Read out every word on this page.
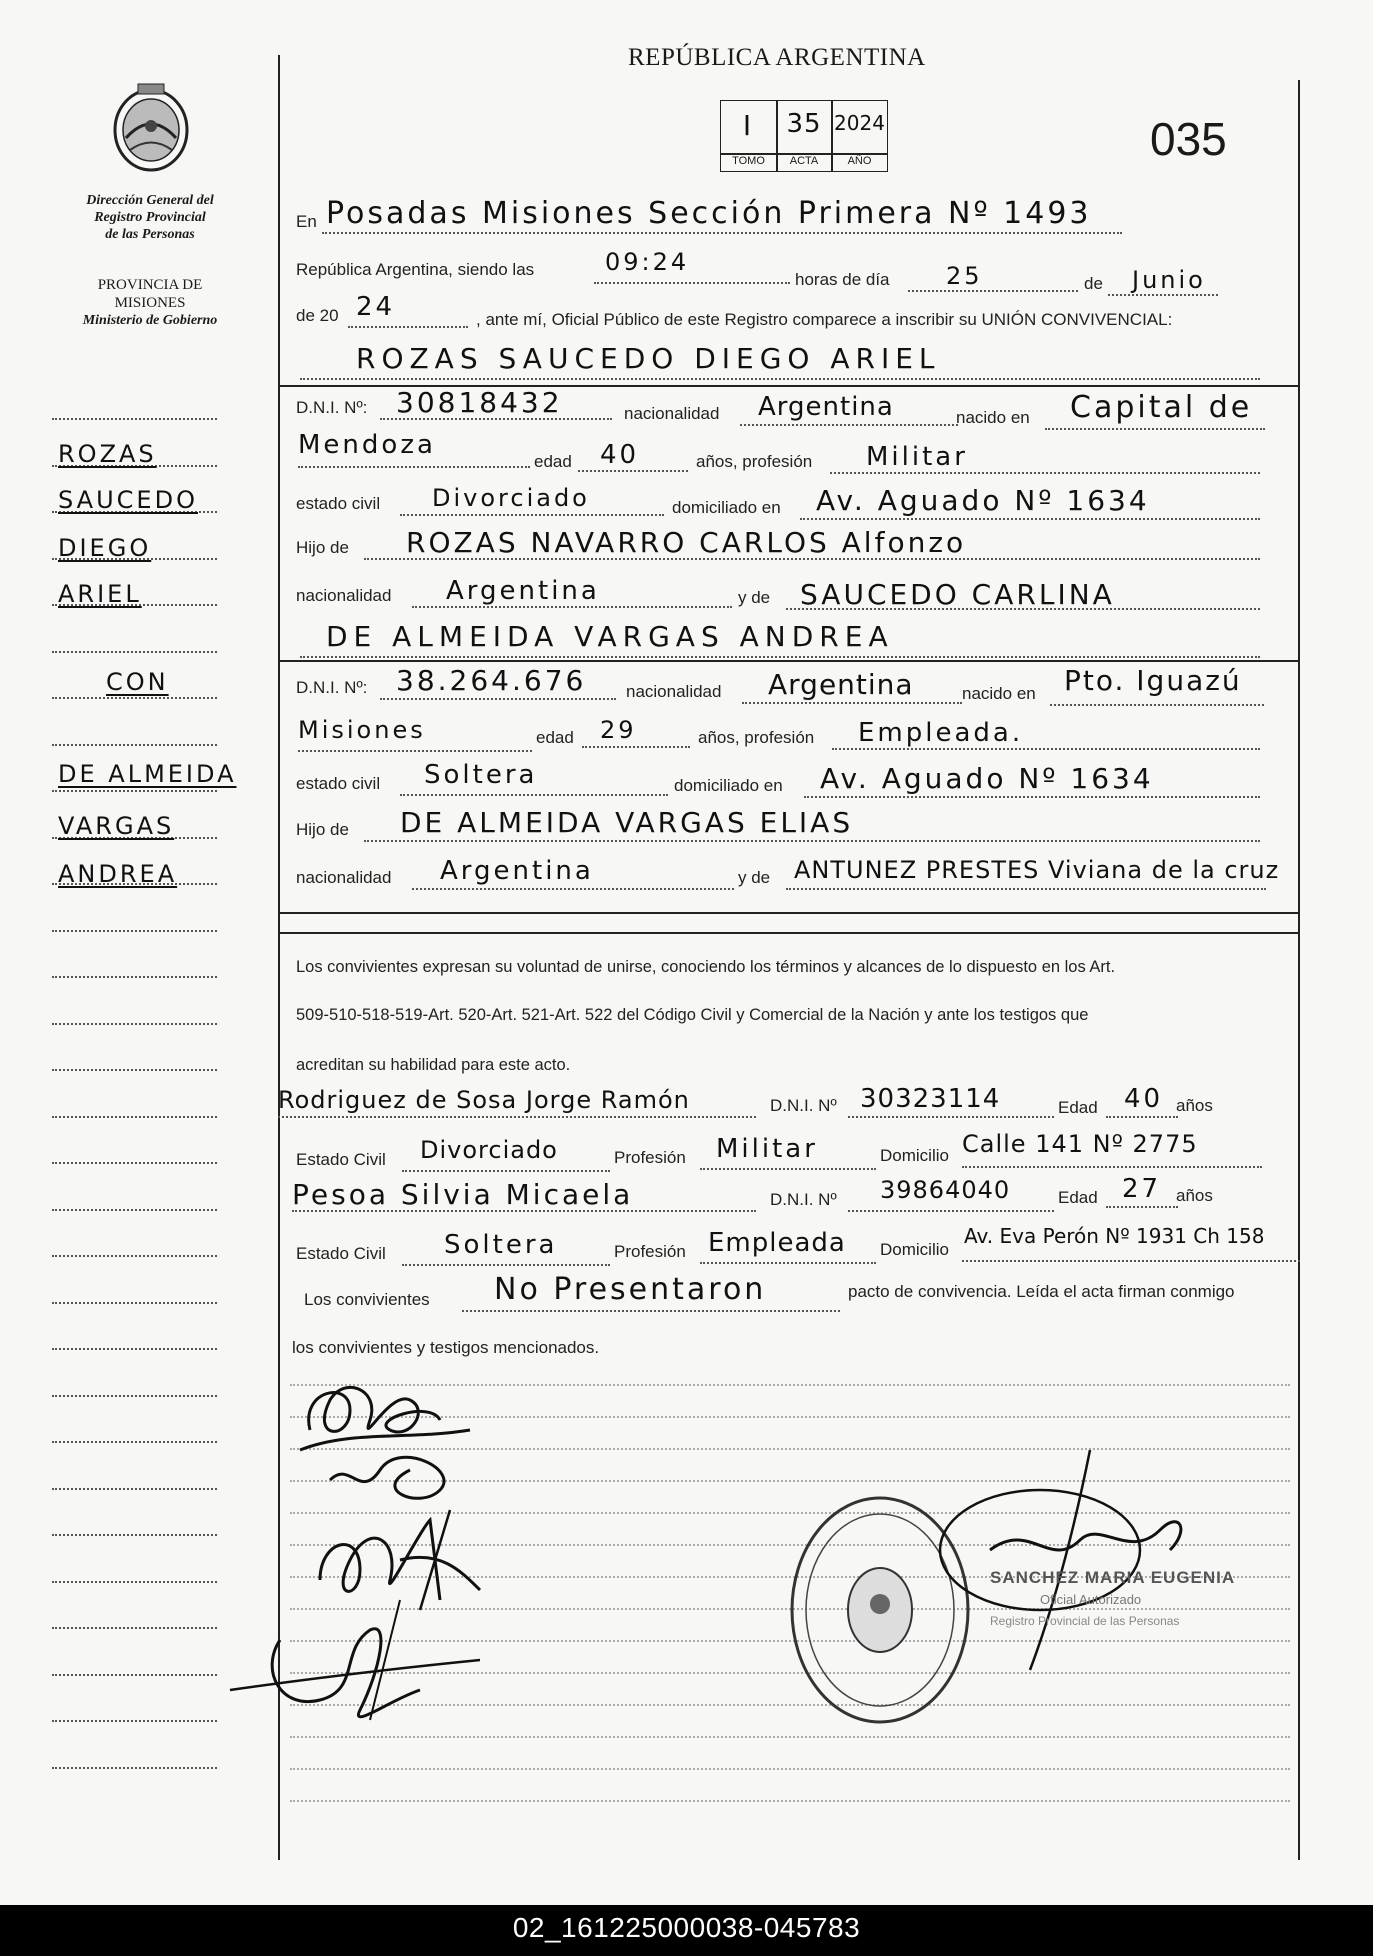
Dirección General del
Registro Provincial
de las Personas
PROVINCIA DE
MISIONES
Ministerio de Gobierno
ROZAS
SAUCEDO
DIEGO
ARIEL
CON
DE ALMEIDA
VARGAS
ANDREA
REPÚBLICA ARGENTINA
I	35 2024
TOMO	ACTA	AÑO	035
En Posadas Misiones Sección Primera Nº 1493
República Argentina, siendo las	09:24
horas de día 25	de Junio
de 20 24	, ante mí, Oficial Público de este Registro comparece a inscribir su UNIÓN CONVIVENCIAL:
ROZAS SAUCEDO DIEGO ARIEL
D.N.I. Nº: 30818432	nacionalidad Argentina	nacido en Capital de
Mendoza
edad 40	años, profesión Militar
estado civil Divorciado	domiciliado en Av. Aguado Nº 1634
Hijo de ROZAS NAVARRO CARLOS Alfonzo
nacionalidad Argentina	y de SAUCEDO CARLINA
DE ALMEIDA VARGAS ANDREA
D.N.I. Nº: 38.264.676 nacionalidad Argentina	nacido en Pto. Iguazú
Misiones	edad 29	años, profesión Empleada.
estado civil Soltera	domiciliado en Av. Aguado Nº 1634
Hijo de DE ALMEIDA VARGAS ELIAS
nacionalidad Argentina	y de ANTUNEZ PRESTES Viviana de la cruz
Los convivientes expresan su voluntad de unirse, conociendo los términos y alcances de lo dispuesto en los Art.
509-510-518-519-Art. 520-Art. 521-Art. 522 del Código Civil y Comercial de la Nación y ante los testigos que
acreditan su habilidad para este acto.
Rodriguez de Sosa Jorge Ramón	D.N.I. Nº 30323114	Edad 40 años
Estado Civil Divorciado	Profesión Militar	Domicilio Calle 141 Nº 2775
Pesoa Silvia Micaela	D.N.I. Nº 39864040	Edad 27 años
Estado Civil Soltera	Profesión Empleada Domicilio
Av. Eva Perón Nº 1931 Ch 158
Los convivientes No Presentaron	pacto de convivencia. Leída el acta firman conmigo
los convivientes y testigos mencionados.
SANCHEZ MARIA EUGENIA
Oficial Autorizado
Registro Provincial de las Personas
02_161225000038-045783
